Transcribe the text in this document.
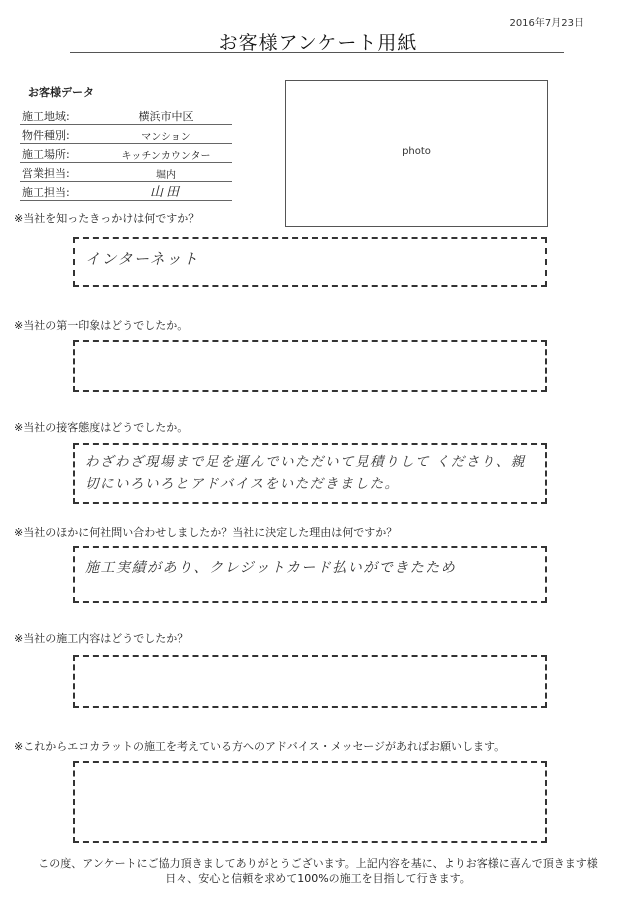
2016年7月23日
お客様アンケート用紙
お客様データ
施工地域:	横浜市中区
物件種別:	マンション
施工場所:	キッチンカウンター
営業担当:	堀内
施工担当:	山田
photo
※当社を知ったきっかけは何ですか？
インターネット
※当社の第一印象はどうでしたか。
※当社の接客態度はどうでしたか。
わざわざ現場まで足を運んでいただいて見積りして くださり、親切にいろいろとアドバイスをいただきました。
※当社のほかに何社問い合わせしましたか？当社に決定した理由は何ですか？
施工実績があり、クレジットカード払いができたため
※当社の施工内容はどうでしたか？
※これからエコカラットの施工を考えている方へのアドバイス・メッセージがあればお願いします。
この度、アンケートにご協力頂きましてありがとうございます。上記内容を基に、よりお客様に喜んで頂きます様
日々、安心と信頼を求めて100%の施工を目指して行きます。
